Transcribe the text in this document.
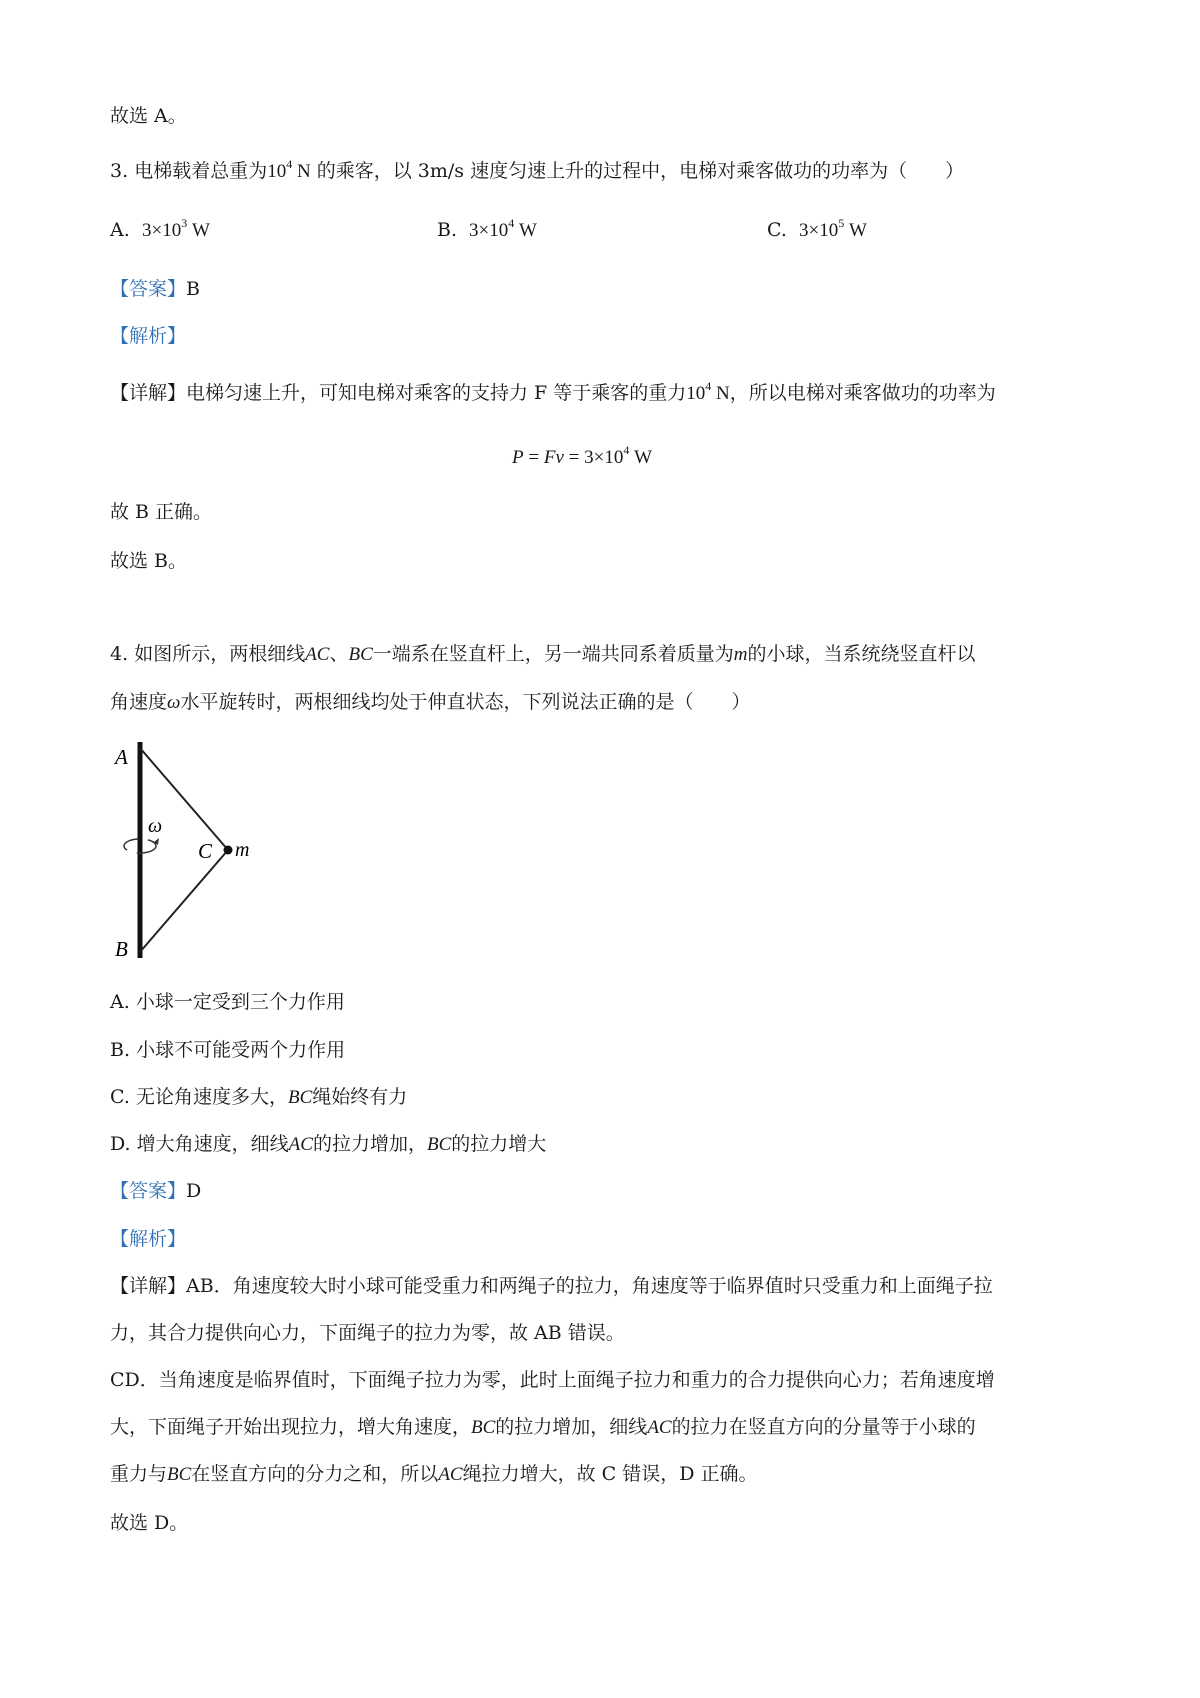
故选 A。
3. 电梯载着总重为$10^4$ N 的乘客，以 3m/s 速度匀速上升的过程中，电梯对乘客做功的功率为（　　）
A. $3\times 10^3$ W	B. $3\times 10^4$ W	C. $3\times 10^5$ W
【答案】B
【解析】
【详解】电梯匀速上升，可知电梯对乘客的支持力 F 等于乘客的重力$10^4$ N，所以电梯对乘客做功的功率为
$P = Fv = 3\times 10^4$ W
故 B 正确。
故选 B。
4. 如图所示，两根细线AC、BC一端系在竖直杆上，另一端共同系着质量为m的小球，当系统绕竖直杆以
角速度ω水平旋转时，两根细线均处于伸直状态，下列说法正确的是（　　）
A
B
C m
ω
A. 小球一定受到三个力作用
B. 小球不可能受两个力作用
C. 无论角速度多大，BC绳始终有力
D. 增大角速度，细线AC的拉力增加，BC的拉力增大
【答案】D
【解析】
【详解】AB．角速度较大时小球可能受重力和两绳子的拉力，角速度等于临界值时只受重力和上面绳子拉
力，其合力提供向心力，下面绳子的拉力为零，故 AB 错误。
CD．当角速度是临界值时，下面绳子拉力为零，此时上面绳子拉力和重力的合力提供向心力；若角速度增
大，下面绳子开始出现拉力，增大角速度，BC的拉力增加，细线AC的拉力在竖直方向的分量等于小球的
重力与BC在竖直方向的分力之和，所以AC绳拉力增大，故 C 错误，D 正确。
故选 D。
